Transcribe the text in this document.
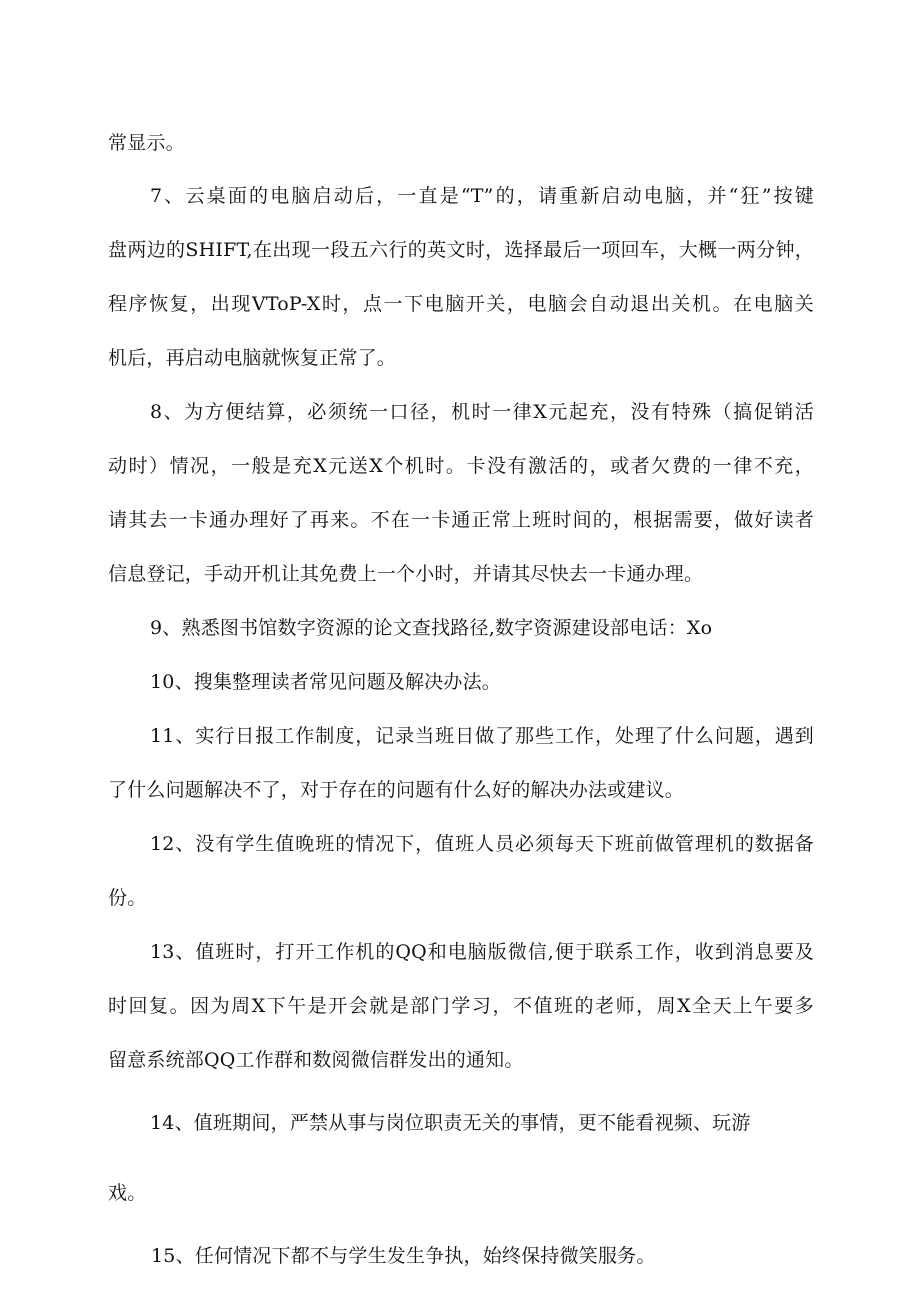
常显示。
7、云桌面的电脑启动后，一直是“T”的，请重新启动电脑，并“狂”按键
盘两边的SHIFT,在出现一段五六行的英文时，选择最后一项回车，大概一两分钟，
程序恢复，出现VToP-X时，点一下电脑开关，电脑会自动退出关机。在电脑关
机后，再启动电脑就恢复正常了。
8、为方便结算，必须统一口径，机时一律X元起充，没有特殊（搞促销活
动时）情况，一般是充X元送X个机时。卡没有激活的，或者欠费的一律不充，
请其去一卡通办理好了再来。不在一卡通正常上班时间的，根据需要，做好读者
信息登记，手动开机让其免费上一个小时，并请其尽快去一卡通办理。
9、熟悉图书馆数字资源的论文查找路径,数字资源建设部电话：Xo
10、搜集整理读者常见问题及解决办法。
11、实行日报工作制度，记录当班日做了那些工作，处理了什么问题，遇到
了什么问题解决不了，对于存在的问题有什么好的解决办法或建议。
12、没有学生值晚班的情况下，值班人员必须每天下班前做管理机的数据备
份。
13、值班时，打开工作机的QQ和电脑版微信,便于联系工作，收到消息要及
时回复。因为周X下午是开会就是部门学习，不值班的老师，周X全天上午要多
留意系统部QQ工作群和数阅微信群发出的通知。
14、值班期间，严禁从事与岗位职责无关的事情，更不能看视频、玩游
戏。
15、任何情况下都不与学生发生争执，始终保持微笑服务。
